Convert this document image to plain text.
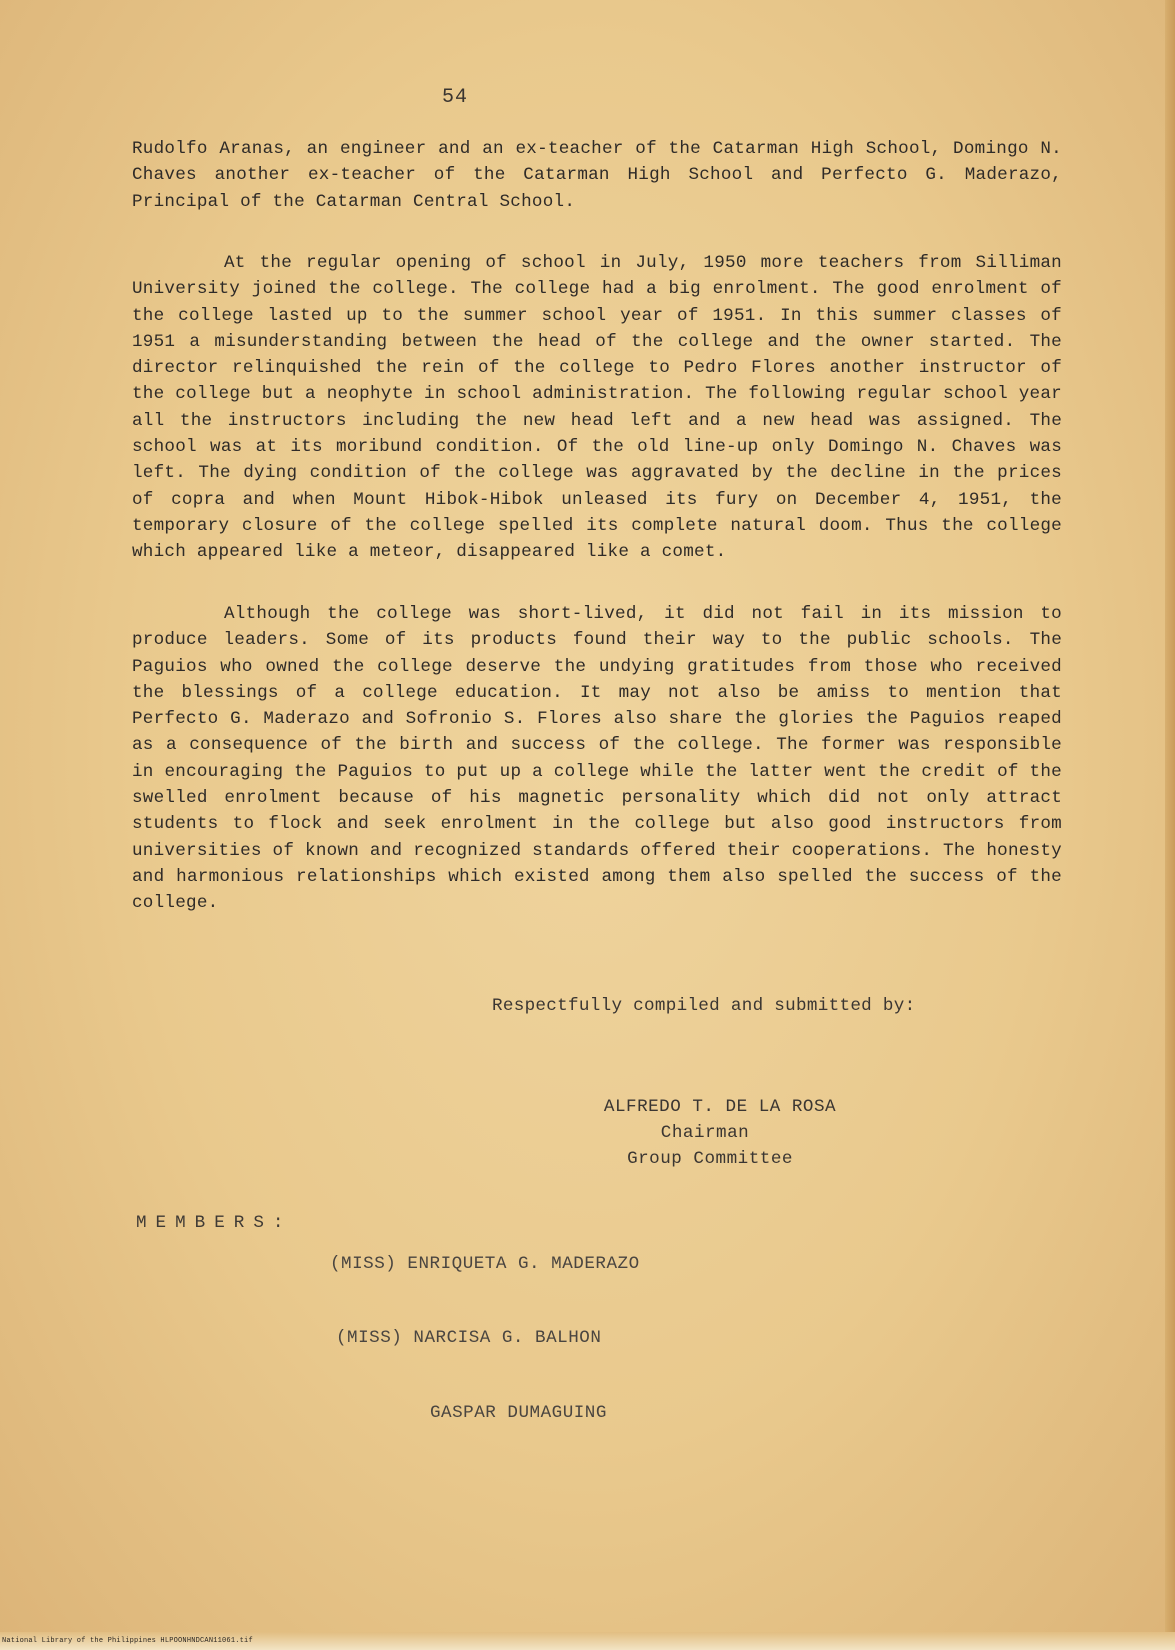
54

Rudolfo Aranas, an engineer and an ex-teacher of the Catarman High School, Domingo N. Chaves another ex-teacher of the Catarman High School and Perfecto G. Maderazo, Principal of the Catarman Central School.

At the regular opening of school in July, 1950 more teachers from Silliman University joined the college. The college had a big enrolment. The good enrolment of the college lasted up to the summer school year of 1951. In this summer classes of 1951 a misunderstanding between the head of the college and the owner started. The director relinquished the rein of the college to Pedro Flores another instructor of the college but a neophyte in school administration. The following regular school year all the instructors including the new head left and a new head was assigned. The school was at its moribund condition. Of the old line-up only Domingo N. Chaves was left. The dying condition of the college was aggravated by the decline in the prices of copra and when Mount Hibok-Hibok unleased its fury on December 4, 1951, the temporary closure of the college spelled its complete natural doom. Thus the college which appeared like a meteor, disappeared like a comet.

Although the college was short-lived, it did not fail in its mission to produce leaders. Some of its products found their way to the public schools. The Paguios who owned the college deserve the undying gratitudes from those who received the blessings of a college education. It may not also be amiss to mention that Perfecto G. Maderazo and Sofronio S. Flores also share the glories the Paguios reaped as a consequence of the birth and success of the college. The former was responsible in encouraging the Paguios to put up a college while the latter went the credit of the swelled enrolment because of his magnetic personality which did not only attract students to flock and seek enrolment in the college but also good instructors from universities of known and recognized standards offered their cooperations. The honesty and harmonious relationships which existed among them also spelled the success of the college.

Respectfully compiled and submitted by:
ALFREDO T. DE LA ROSA
Chairman
Group Committee
MEMBERS:
(MISS) ENRIQUETA G. MADERAZO
(MISS) NARCISA G. BALHON
GASPAR DUMAGUING
National Library of the Philippines HLPOONHNDCAN11061.tif
